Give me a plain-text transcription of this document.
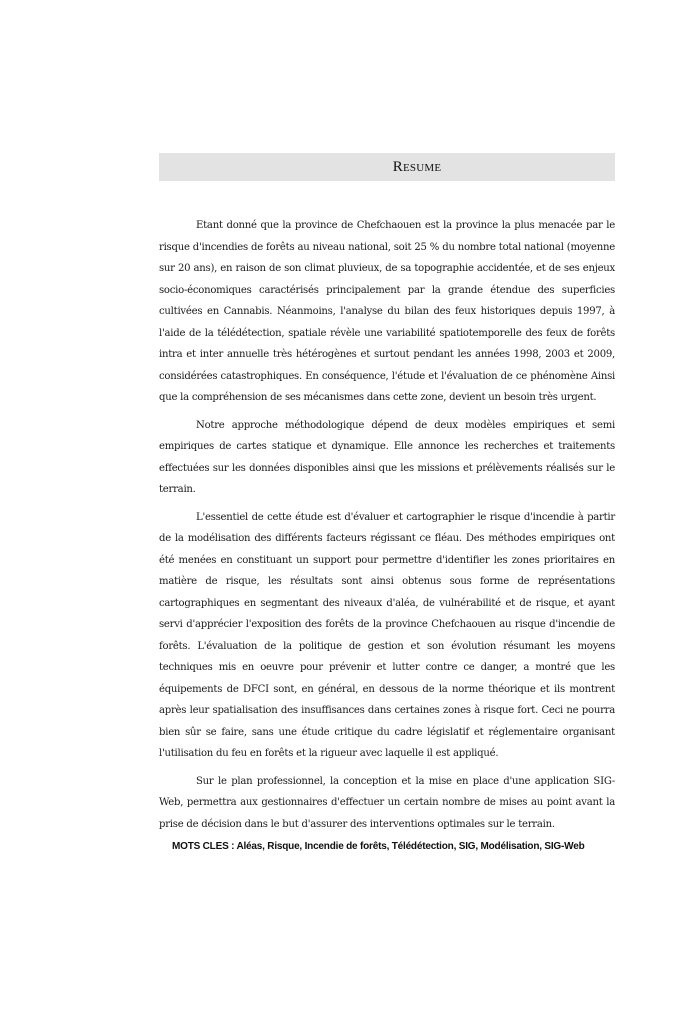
Resume

Etant donné que la province de Chefchaouen est la province la plus menacée par le risque d'incendies de forêts au niveau national, soit 25 % du nombre total national (moyenne sur 20 ans), en raison de son climat pluvieux, de sa topographie accidentée, et de ses enjeux socio-économiques caractérisés principalement par la grande étendue des superficies cultivées en Cannabis. Néanmoins, l'analyse du bilan des feux historiques depuis 1997, à l'aide de la télédétection, spatiale révèle une variabilité spatiotemporelle des feux de forêts intra et inter annuelle très hétérogènes et surtout pendant les années 1998, 2003 et 2009, considérées catastrophiques. En conséquence, l'étude et l'évaluation de ce phénomène Ainsi que la compréhension de ses mécanismes dans cette zone, devient un besoin très urgent.

Notre approche méthodologique dépend de deux modèles empiriques et semi empiriques de cartes statique et dynamique. Elle annonce les recherches et traitements effectuées sur les données disponibles ainsi que les missions et prélèvements réalisés sur le terrain.

L'essentiel de cette étude est d'évaluer et cartographier le risque d'incendie à partir de la modélisation des différents facteurs régissant ce fléau. Des méthodes empiriques ont été menées en constituant un support pour permettre d'identifier les zones prioritaires en matière de risque, les résultats sont ainsi obtenus sous forme de représentations cartographiques en segmentant des niveaux d'aléa, de vulnérabilité et de risque, et ayant servi d'apprécier l'exposition des forêts de la province Chefchaouen au risque d'incendie de forêts. L'évaluation de la politique de gestion et son évolution résumant les moyens techniques mis en oeuvre pour prévenir et lutter contre ce danger, a montré que les équipements de DFCI sont, en général, en dessous de la norme théorique et ils montrent après leur spatialisation des insuffisances dans certaines zones à risque fort. Ceci ne pourra bien sûr se faire, sans une étude critique du cadre législatif et réglementaire organisant l'utilisation du feu en forêts et la rigueur avec laquelle il est appliqué.

Sur le plan professionnel, la conception et la mise en place d'une application SIG-Web, permettra aux gestionnaires d'effectuer un certain nombre de mises au point avant la prise de décision dans le but d'assurer des interventions optimales sur le terrain.

MOTS CLES : Aléas, Risque, Incendie de forêts, Télédétection, SIG, Modélisation, SIG-Web
